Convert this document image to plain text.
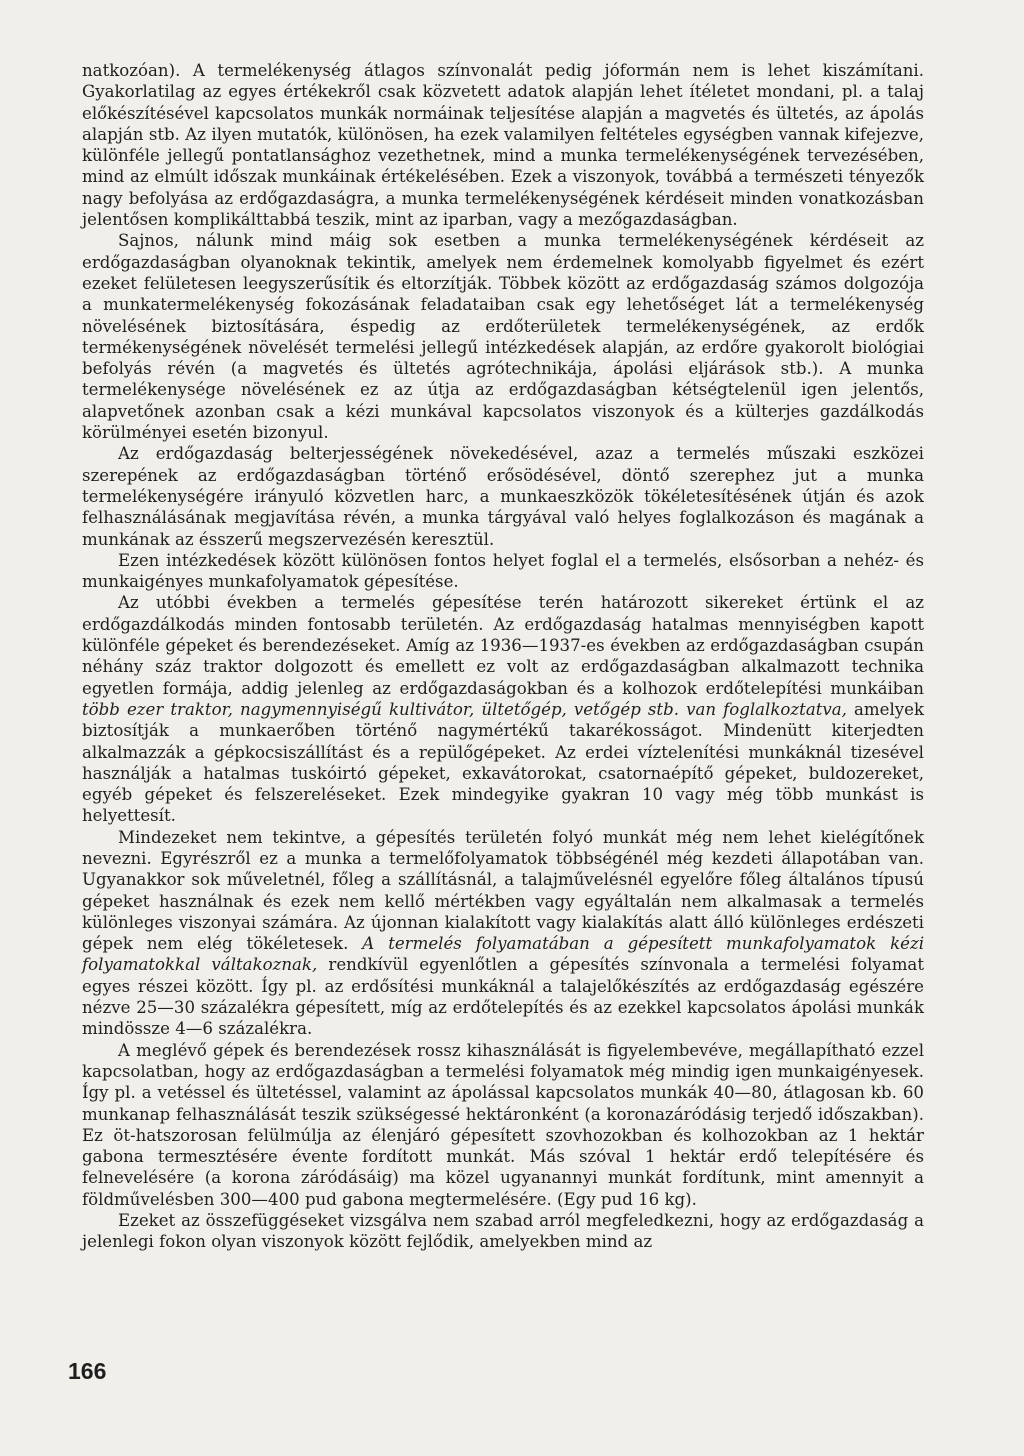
natkozóan). A termelékenység átlagos színvonalát pedig jóformán nem is lehet kiszámítani. Gyakorlatilag az egyes értékekről csak közvetett adatok alapján lehet ítéletet mondani, pl. a talaj előkészítésével kapcsolatos munkák normáinak teljesítése alapján a magvetés és ültetés, az ápolás alapján stb. Az ilyen mutatók, különösen, ha ezek valamilyen feltételes egységben vannak kifejezve, különféle jellegű pontatlansághoz vezethetnek, mind a munka termelékenységének tervezésében, mind az elmúlt időszak munkáinak értékelésében. Ezek a viszonyok, továbbá a természeti tényezők nagy befolyása az erdőgazdaságra, a munka termelékenységének kérdéseit minden vonatkozásban jelentősen komplikálttabbá teszik, mint az iparban, vagy a mezőgazdaságban.

Sajnos, nálunk mind máig sok esetben a munka termelékenységének kérdéseit az erdőgazdaságban olyanoknak tekintik, amelyek nem érdemelnek komolyabb figyelmet és ezért ezeket felületesen leegyszerűsítik és eltorzítják. Többek között az erdőgazdaság számos dolgozója a munkatermelékenység fokozásának feladataiban csak egy lehetőséget lát a termelékenység növelésének biztosítására, éspedig az erdőterületek termelékenységének, az erdők termékenységének növelését termelési jellegű intézkedések alapján, az erdőre gyakorolt biológiai befolyás révén (a magvetés és ültetés agrótechnikája, ápolási eljárások stb.). A munka termelékenysége növelésének ez az útja az erdőgazdaságban kétségtelenül igen jelentős, alapvetőnek azonban csak a kézi munkával kapcsolatos viszonyok és a külterjes gazdálkodás körülményei esetén bizonyul.

Az erdőgazdaság belterjességének növekedésével, azaz a termelés műszaki eszközei szerepének az erdőgazdaságban történő erősödésével, döntő szerephez jut a munka termelékenységére irányuló közvetlen harc, a munkaeszközök tökéletesítésének útján és azok felhasználásának megjavítása révén, a munka tárgyával való helyes foglalkozáson és magának a munkának az ésszerű megszervezésén keresztül.

Ezen intézkedések között különösen fontos helyet foglal el a termelés, elsősorban a nehéz- és munkaigényes munkafolyamatok gépesítése.

Az utóbbi években a termelés gépesítése terén határozott sikereket értünk el az erdőgazdálkodás minden fontosabb területén. Az erdőgazdaság hatalmas mennyiségben kapott különféle gépeket és berendezéseket. Amíg az 1936—1937-es években az erdőgazdaságban csupán néhány száz traktor dolgozott és emellett ez volt az erdőgazdaságban alkalmazott technika egyetlen formája, addig jelenleg az erdőgazdaságokban és a kolhozok erdőtelepítési munkáiban több ezer traktor, nagymennyiségű kultivátor, ültetőgép, vetőgép stb. van foglalkoztatva, amelyek biztosítják a munkaerőben történő nagymértékű takarékosságot. Mindenütt kiterjedten alkalmazzák a gépkocsiszállítást és a repülőgépeket. Az erdei víztelenítési munkáknál tizesével használják a hatalmas tuskóirtó gépeket, exkavátorokat, csatornaépítő gépeket, buldozereket, egyéb gépeket és felszereléseket. Ezek mindegyike gyakran 10 vagy még több munkást is helyettesít.

Mindezeket nem tekintve, a gépesítés területén folyó munkát még nem lehet kielégítőnek nevezni. Egyrészről ez a munka a termelőfolyamatok többségénél még kezdeti állapotában van. Ugyanakkor sok műveletnél, főleg a szállításnál, a talajművelésnél egyelőre főleg általános típusú gépeket használnak és ezek nem kellő mértékben vagy egyáltalán nem alkalmasak a termelés különleges viszonyai számára. Az újonnan kialakított vagy kialakítás alatt álló különleges erdészeti gépek nem elég tökéletesek. A termelés folyamatában a gépesített munkafolyamatok kézi folyamatokkal váltakoznak, rendkívül egyenlőtlen a gépesítés színvonala a termelési folyamat egyes részei között. Így pl. az erdősítési munkáknál a talajelőkészítés az erdőgazdaság egészére nézve 25—30 százalékra gépesített, míg az erdőtelepítés és az ezekkel kapcsolatos ápolási munkák mindössze 4—6 százalékra.

A meglévő gépek és berendezések rossz kihasználását is figyelembevéve, megállapítható ezzel kapcsolatban, hogy az erdőgazdaságban a termelési folyamatok még mindig igen munkaigényesek. Így pl. a vetéssel és ültetéssel, valamint az ápolással kapcsolatos munkák 40—80, átlagosan kb. 60 munkanap felhasználását teszik szükségessé hektáronként (a koronazáródásig terjedő időszakban). Ez öt-hatszorosan felülmúlja az élenjáró gépesített szovhozokban és kolhozokban az 1 hektár gabona termesztésére évente fordított munkát. Más szóval 1 hektár erdő telepítésére és felnevelésére (a korona záródásáig) ma közel ugyanannyi munkát fordítunk, mint amennyit a földművelésben 300—400 pud gabona megtermelésére. (Egy pud 16 kg).

Ezeket az összefüggéseket vizsgálva nem szabad arról megfeledkezni, hogy az erdőgazdaság a jelenlegi fokon olyan viszonyok között fejlődik, amelyekben mind az

166
